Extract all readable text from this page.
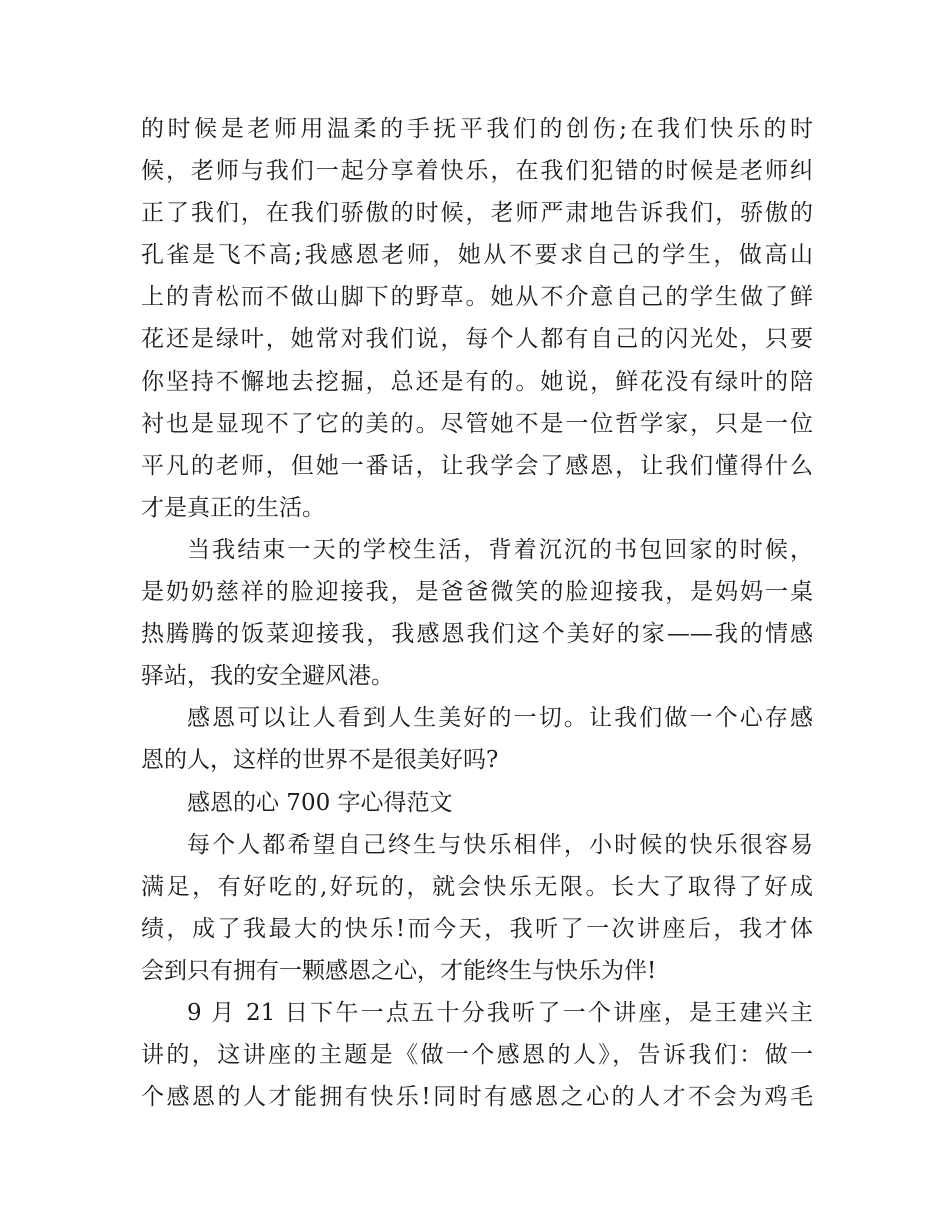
的时候是老师用温柔的手抚平我们的创伤;在我们快乐的时
候，老师与我们一起分享着快乐，在我们犯错的时候是老师纠
正了我们，在我们骄傲的时候，老师严肃地告诉我们，骄傲的
孔雀是飞不高;我感恩老师，她从不要求自己的学生，做高山
上的青松而不做山脚下的野草。她从不介意自己的学生做了鲜
花还是绿叶，她常对我们说，每个人都有自己的闪光处，只要
你坚持不懈地去挖掘，总还是有的。她说，鲜花没有绿叶的陪
衬也是显现不了它的美的。尽管她不是一位哲学家，只是一位
平凡的老师，但她一番话，让我学会了感恩，让我们懂得什么
才是真正的生活。
当我结束一天的学校生活，背着沉沉的书包回家的时候，
是奶奶慈祥的脸迎接我，是爸爸微笑的脸迎接我，是妈妈一桌
热腾腾的饭菜迎接我，我感恩我们这个美好的家——我的情感
驿站，我的安全避风港。
感恩可以让人看到人生美好的一切。让我们做一个心存感
恩的人，这样的世界不是很美好吗?
感恩的心 700 字心得范文
每个人都希望自己终生与快乐相伴，小时候的快乐很容易
满足，有好吃的,好玩的，就会快乐无限。长大了取得了好成
绩，成了我最大的快乐!而今天，我听了一次讲座后，我才体
会到只有拥有一颗感恩之心，才能终生与快乐为伴!
9 月 21 日下午一点五十分我听了一个讲座，是王建兴主
讲的，这讲座的主题是《做一个感恩的人》，告诉我们：做一
个感恩的人才能拥有快乐!同时有感恩之心的人才不会为鸡毛
